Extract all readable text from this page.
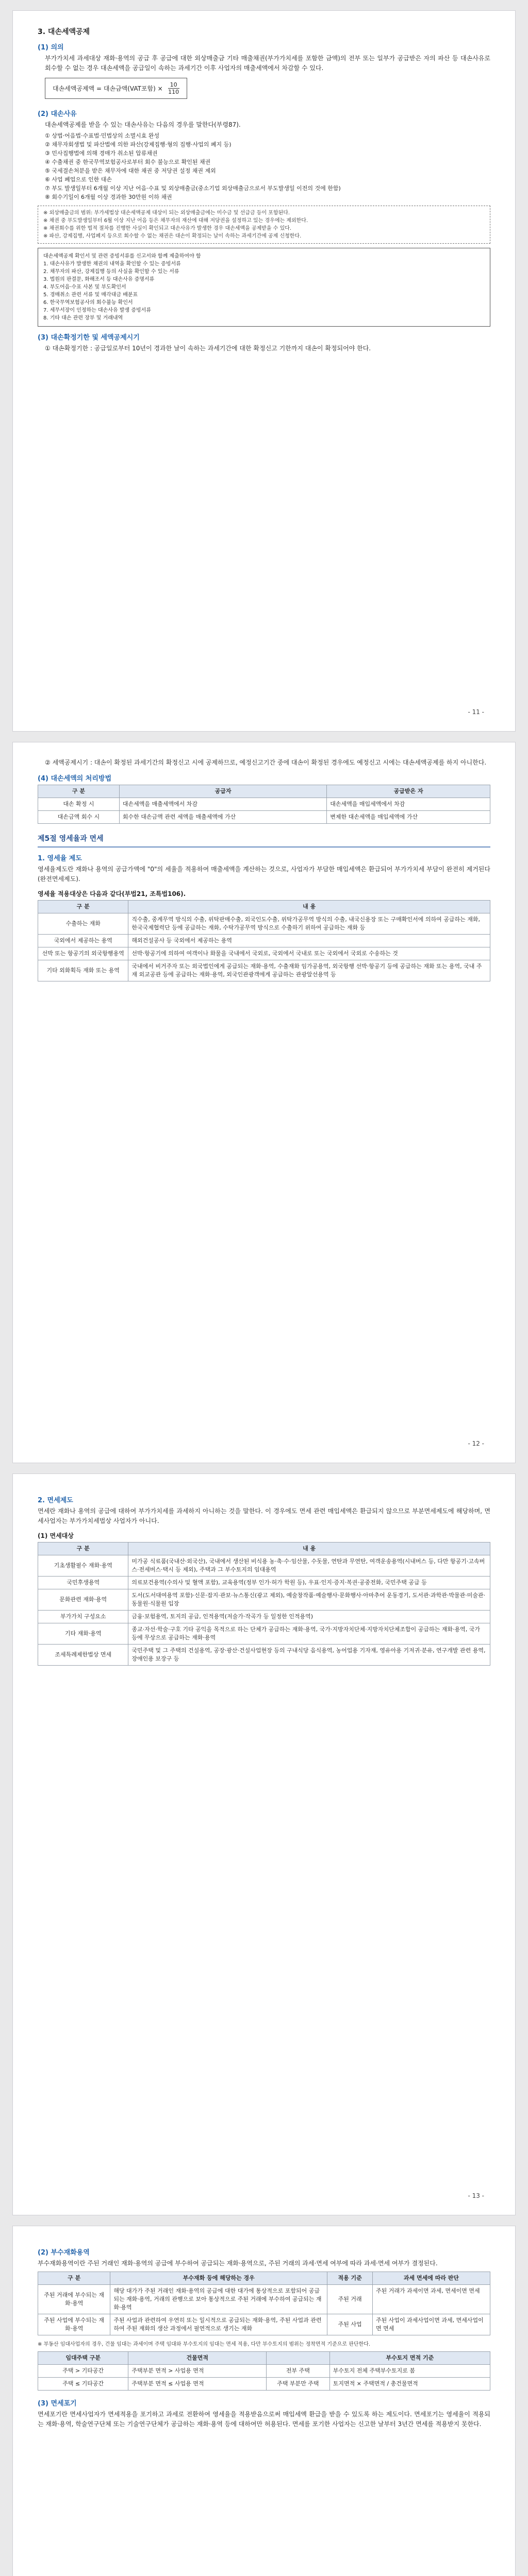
3. 대손세액공제
(1) 의의

부가가치세 과세대상 재화·용역의 공급 후 공급에 대한 외상매출금 기타 매출채권(부가가치세를 포함한 금액)의 전부 또는 일부가 공급받은 자의 파산 등 대손사유로 회수할 수 없는 경우 대손세액을 공급일이 속하는 과세기간 이후 사업자의 매출세액에서 차감할 수 있다.

대손세액공제액 = 대손금액(VAT포함) × $\frac{10}{110}$
(2) 대손사유

대손세액공제를 받을 수 있는 대손사유는 다음의 경우를 말한다(부령87).

① 상법·어음법·수표법·민법상의 소멸시효 완성
② 채무자회생법 및 파산법에 의한 파산(강제집행·형의 집행·사업의 폐지 등)
③ 민사집행법에 의해 경매가 취소된 압류채권
④ 수출채권 중 한국무역보험공사로부터 회수 불능으로 확인된 채권
⑤ 국세결손처분을 받은 채무자에 대한 채권 중 저당권 설정 채권 제외
⑥ 사업 폐업으로 인한 대손
⑦ 부도 발생일부터 6개월 이상 지난 어음·수표 및 외상매출금(중소기업 외상매출금으로서 부도발생일 이전의 것에 한함)
⑧ 회수기일이 6개월 이상 경과한 30만원 이하 채권
※ 외상매출금의 범위: 부가세법상 대손세액공제 대상이 되는 외상매출금에는 미수금 및 선급금 등이 포함된다.
※ 채권 중 부도발생일부터 6월 이상 지난 어음 등은 채무자의 재산에 대해 저당권을 설정하고 있는 경우에는 제외한다.
※ 채권회수를 위한 법적 절차를 진행한 사실이 확인되고 대손사유가 발생한 경우 대손세액을 공제받을 수 있다.
※ 파산, 강제집행, 사업폐지 등으로 회수할 수 없는 채권은 대손이 확정되는 날이 속하는 과세기간에 공제 신청한다.
대손세액공제 확인서 및 관련 증빙서류를 신고서와 함께 제출하여야 함
1. 대손사유가 발생한 채권의 내역을 확인할 수 있는 증빙서류
2. 채무자의 파산, 강제집행 등의 사실을 확인할 수 있는 서류
3. 법원의 판결문, 화해조서 등 대손사유 증명서류
4. 부도어음·수표 사본 및 부도확인서
5. 경매취소 관련 서류 및 매각대금 배분표
6. 한국무역보험공사의 회수불능 확인서
7. 세무서장이 인정하는 대손사유 발생 증빙서류
8. 기타 대손 관련 장부 및 거래내역
(3) 대손확정기한 및 세액공제시기

① 대손확정기한 : 공급일로부터 10년이 경과한 날이 속하는 과세기간에 대한 확정신고 기한까지 대손이 확정되어야 한다.

- 11 -

② 세액공제시기 : 대손이 확정된 과세기간의 확정신고 시에 공제하므로, 예정신고기간 중에 대손이 확정된 경우에도 예정신고 시에는 대손세액공제를 하지 아니한다.

(4) 대손세액의 처리방법
구 분	공급자	공급받은 자
대손 확정 시	대손세액을 매출세액에서 차감	대손세액을 매입세액에서 차감
대손금액 회수 시	회수한 대손금액 관련 세액을 매출세액에 가산	변제한 대손세액을 매입세액에 가산
제5절 영세율과 면세
1. 영세율 제도

영세율제도란 재화나 용역의 공급가액에 "0"의 세율을 적용하여 매출세액을 계산하는 것으로, 사업자가 부담한 매입세액은 환급되어 부가가치세 부담이 완전히 제거된다(완전면세제도).

영세율 적용대상은 다음과 같다(부법21, 조특법106).
구 분	내 용
수출하는 재화	직수출, 중계무역 방식의 수출, 위탁판매수출, 외국인도수출, 위탁가공무역 방식의 수출, 내국신용장 또는 구매확인서에 의하여 공급하는 재화, 한국국제협력단 등에 공급하는 재화, 수탁가공무역 방식으로 수출하기 위하여 공급하는 재화 등
국외에서 제공하는 용역	해외건설공사 등 국외에서 제공하는 용역
선박 또는 항공기의 외국항행용역	선박·항공기에 의하여 여객이나 화물을 국내에서 국외로, 국외에서 국내로 또는 국외에서 국외로 수송하는 것
기타 외화획득 재화 또는 용역	국내에서 비거주자 또는 외국법인에게 공급되는 재화·용역, 수출재화 임가공용역, 외국항행 선박·항공기 등에 공급하는 재화 또는 용역, 국내 주재 외교공관 등에 공급하는 재화·용역, 외국인관광객에게 공급하는 관광알선용역 등
- 12 -
2. 면세제도

면세란 재화나 용역의 공급에 대하여 부가가치세를 과세하지 아니하는 것을 말한다. 이 경우에도 면세 관련 매입세액은 환급되지 않으므로 부분면세제도에 해당하며, 면세사업자는 부가가치세법상 사업자가 아니다.

(1) 면세대상
구 분	내 용
기초생활필수 재화·용역	미가공 식료품(국내산·외국산), 국내에서 생산된 비식용 농·축·수·임산물, 수돗물, 연탄과 무연탄, 여객운송용역(시내버스 등, 다만 항공기·고속버스·전세버스·택시 등 제외), 주택과 그 부수토지의 임대용역
국민후생용역	의료보건용역(수의사 및 혈액 포함), 교육용역(정부 인가·허가 학원 등), 우표·인지·증지·복권·공중전화, 국민주택 공급 등
문화관련 재화·용역	도서(도서대여용역 포함)·신문·잡지·관보·뉴스통신(광고 제외), 예술창작품·예술행사·문화행사·아마추어 운동경기, 도서관·과학관·박물관·미술관·동물원·식물원 입장
부가가치 구성요소	금융·보험용역, 토지의 공급, 인적용역(저술가·작곡가 등 일정한 인적용역)
기타 재화·용역	종교·자선·학술·구호 기타 공익을 목적으로 하는 단체가 공급하는 재화·용역, 국가·지방자치단체·지방자치단체조합이 공급하는 재화·용역, 국가 등에 무상으로 공급하는 재화·용역
조세특례제한법상 면세	국민주택 및 그 주택의 건설용역, 공장·광산·건설사업현장 등의 구내식당 음식용역, 농어업용 기자재, 영유아용 기저귀·분유, 연구개발 관련 용역, 장애인용 보장구 등
- 13 -
(2) 부수재화용역

부수재화용역이란 주된 거래인 재화·용역의 공급에 부수하여 공급되는 재화·용역으로, 주된 거래의 과세·면세 여부에 따라 과세·면세 여부가 결정된다.

구 분	부수재화 등에 해당하는 경우	적용 기준	과세 면세에 따라 판단
주된 거래에 부수되는 재화·용역	해당 대가가 주된 거래인 재화·용역의 공급에 대한 대가에 통상적으로 포함되어 공급되는 재화·용역, 거래의 관행으로 보아 통상적으로 주된 거래에 부수하여 공급되는 재화·용역	주된 거래	주된 거래가 과세이면 과세, 면세이면 면세
주된 사업에 부수되는 재화·용역	주된 사업과 관련하여 우연히 또는 일시적으로 공급되는 재화·용역, 주된 사업과 관련하여 주된 재화의 생산 과정에서 필연적으로 생기는 재화	주된 사업	주된 사업이 과세사업이면 과세, 면세사업이면 면세

※ 부동산 임대사업자의 경우, 건물 임대는 과세이며 주택 임대와 부수토지의 임대는 면세 적용, 다만 부수토지의 범위는 정착면적 기준으로 판단한다.

임대주택 구분	건물면적		부수토지 면적 기준
주택 > 기타공간	주택부분 면적 > 사업용 면적	전부 주택	부수토지 전체 주택부수토지로 봄
주택 ≤ 기타공간	주택부분 면적 ≤ 사업용 면적	주택 부분만 주택	토지면적 × 주택면적 / 총건물면적
(3) 면세포기

면세포기란 면세사업자가 면세적용을 포기하고 과세로 전환하여 영세율을 적용받음으로써 매입세액 환급을 받을 수 있도록 하는 제도이다. 면세포기는 영세율이 적용되는 재화·용역, 학술연구단체 또는 기술연구단체가 공급하는 재화·용역 등에 대하여만 허용된다. 면세를 포기한 사업자는 신고한 날부터 3년간 면세를 적용받지 못한다.
